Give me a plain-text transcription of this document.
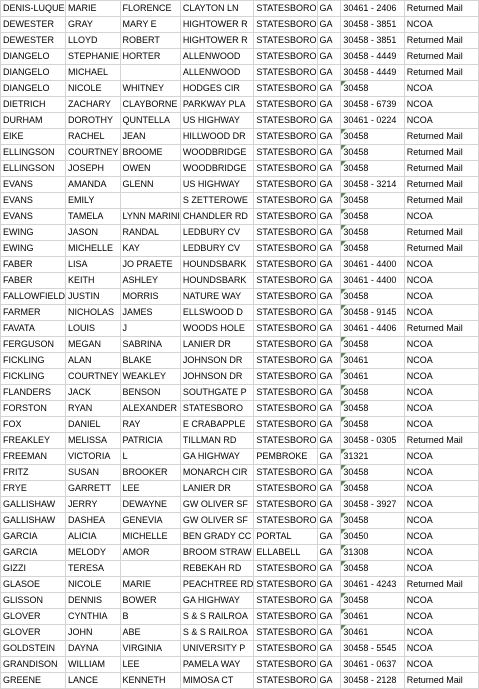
DENIS-LUQUE	MARIE	FLORENCE	CLAYTON LN	STATESBORO	GA	30461 - 2406	Returned Mail
DEWESTER	GRAY	MARY E	HIGHTOWER R	STATESBORO	GA	30458 - 3851	NCOA
DEWESTER	LLOYD	ROBERT	HIGHTOWER R	STATESBORO	GA	30458 - 3851	Returned Mail
DIANGELO	STEPHANIE	HORTER	ALLENWOOD	STATESBORO	GA	30458 - 4449	Returned Mail
DIANGELO	MICHAEL		ALLENWOOD	STATESBORO	GA	30458 - 4449	Returned Mail
DIANGELO	NICOLE	WHITNEY	HODGES CIR	STATESBORO	GA	30458	NCOA
DIETRICH	ZACHARY	CLAYBORNE	PARKWAY PLA	STATESBORO	GA	30458 - 6739	NCOA
DURHAM	DOROTHY	QUNTELLA	US HIGHWAY	STATESBORO	GA	30461 - 0224	NCOA
EIKE	RACHEL	JEAN	HILLWOOD DR	STATESBORO	GA	30458	Returned Mail
ELLINGSON	COURTNEY	BROOME	WOODBRIDGE	STATESBORO	GA	30458	Returned Mail
ELLINGSON	JOSEPH	OWEN	WOODBRIDGE	STATESBORO	GA	30458	Returned Mail
EVANS	AMANDA	GLENN	US HIGHWAY	STATESBORO	GA	30458 - 3214	Returned Mail
EVANS	EMILY		S ZETTEROWE	STATESBORO	GA	30458	Returned Mail
EVANS	TAMELA	LYNN MARINI	CHANDLER RD	STATESBORO	GA	30458	NCOA
EWING	JASON	RANDAL	LEDBURY CV	STATESBORO	GA	30458	Returned Mail
EWING	MICHELLE	KAY	LEDBURY CV	STATESBORO	GA	30458	Returned Mail
FABER	LISA	JO PRAETE	HOUNDSBARK	STATESBORO	GA	30461 - 4400	NCOA
FABER	KEITH	ASHLEY	HOUNDSBARK	STATESBORO	GA	30461 - 4400	NCOA
FALLOWFIELD	JUSTIN	MORRIS	NATURE WAY	STATESBORO	GA	30458	NCOA
FARMER	NICHOLAS	JAMES	ELLSWOOD D	STATESBORO	GA	30458 - 9145	NCOA
FAVATA	LOUIS	J	WOODS HOLE	STATESBORO	GA	30461 - 4406	Returned Mail
FERGUSON	MEGAN	SABRINA	LANIER DR	STATESBORO	GA	30458	NCOA
FICKLING	ALAN	BLAKE	JOHNSON DR	STATESBORO	GA	30461	NCOA
FICKLING	COURTNEY	WEAKLEY	JOHNSON DR	STATESBORO	GA	30461	NCOA
FLANDERS	JACK	BENSON	SOUTHGATE P	STATESBORO	GA	30458	NCOA
FORSTON	RYAN	ALEXANDER	STATESBORO	STATESBORO	GA	30458	NCOA
FOX	DANIEL	RAY	E CRABAPPLE	STATESBORO	GA	30458	NCOA
FREAKLEY	MELISSA	PATRICIA	TILLMAN RD	STATESBORO	GA	30458 - 0305	Returned Mail
FREEMAN	VICTORIA	L	GA HIGHWAY	PEMBROKE	GA	31321	NCOA
FRITZ	SUSAN	BROOKER	MONARCH CIR	STATESBORO	GA	30458	NCOA
FRYE	GARRETT	LEE	LANIER DR	STATESBORO	GA	30458	NCOA
GALLISHAW	JERRY	DEWAYNE	GW OLIVER SF	STATESBORO	GA	30458 - 3927	NCOA
GALLISHAW	DASHEA	GENEVIA	GW OLIVER SF	STATESBORO	GA	30458	NCOA
GARCIA	ALICIA	MICHELLE	BEN GRADY CC	PORTAL	GA	30450	NCOA
GARCIA	MELODY	AMOR	BROOM STRAW	ELLABELL	GA	31308	NCOA
GIZZI	TERESA		REBEKAH RD	STATESBORO	GA	30458	NCOA
GLASOE	NICOLE	MARIE	PEACHTREE RD	STATESBORO	GA	30461 - 4243	Returned Mail
GLISSON	DENNIS	BOWER	GA HIGHWAY	STATESBORO	GA	30458	NCOA
GLOVER	CYNTHIA	B	S & S RAILROA	STATESBORO	GA	30461	NCOA
GLOVER	JOHN	ABE	S & S RAILROA	STATESBORO	GA	30461	NCOA
GOLDSTEIN	DAYNA	VIRGINIA	UNIVERSITY P	STATESBORO	GA	30458 - 5545	NCOA
GRANDISON	WILLIAM	LEE	PAMELA WAY	STATESBORO	GA	30461 - 0637	NCOA
GREENE	LANCE	KENNETH	MIMOSA CT	STATESBORO	GA	30458 - 2128	Returned Mail
